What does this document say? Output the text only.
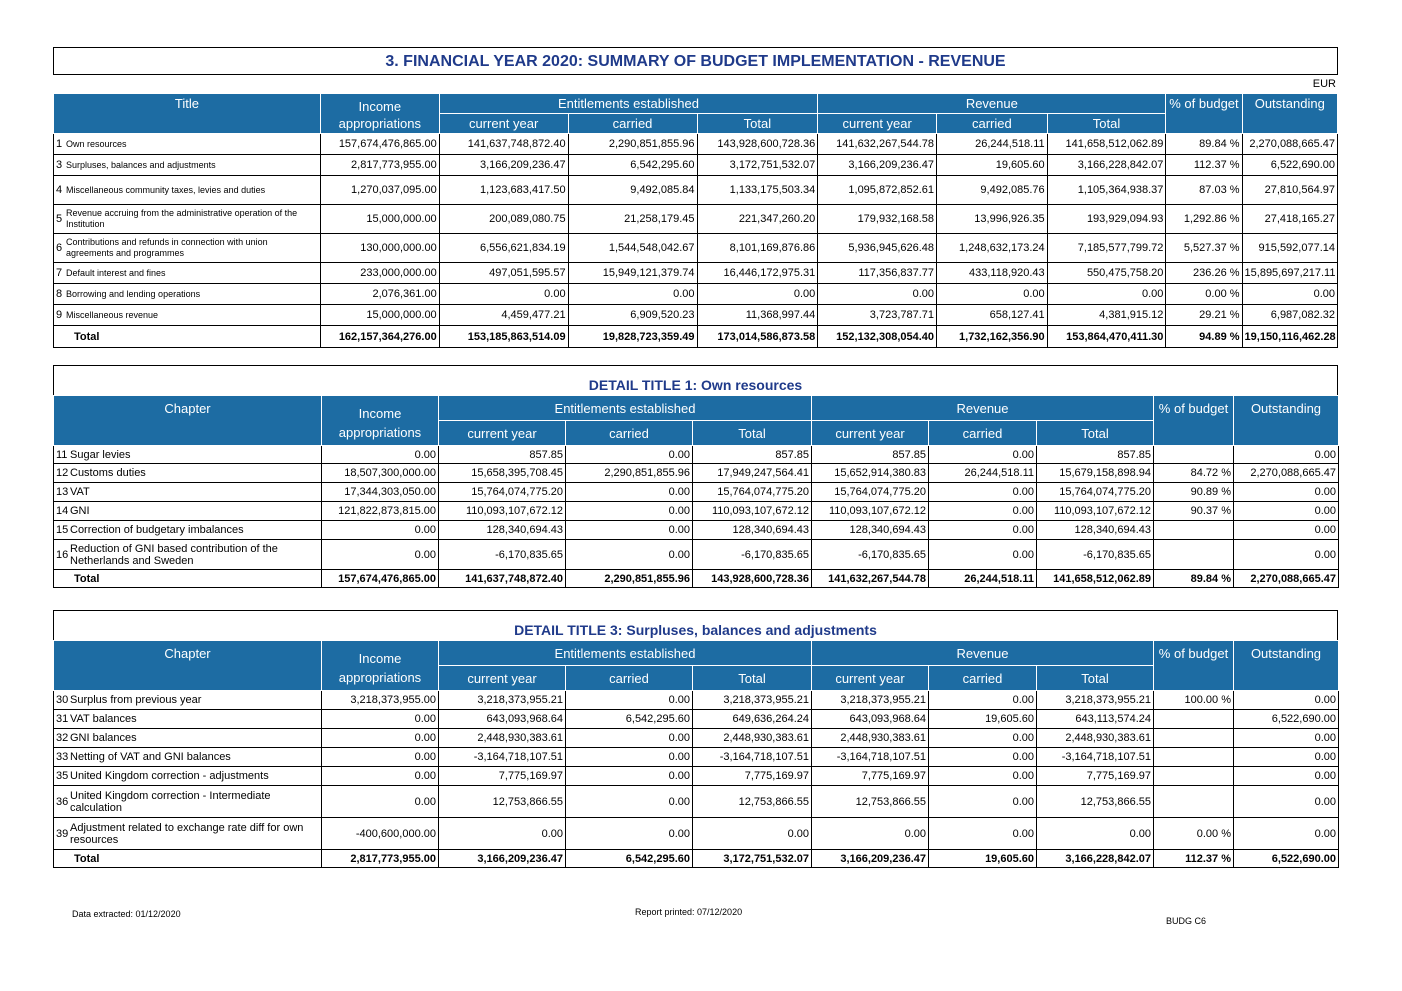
3. FINANCIAL YEAR 2020: SUMMARY OF BUDGET IMPLEMENTATION - REVENUE
EUR
Title	Income	Entitlements established			Revenue			% of budget	Outstanding
	appropriations	current year	carried	Total	current year	carried	Total		
1 Own resources	157,674,476,865.00	141,637,748,872.40	2,290,851,855.96	143,928,600,728.36	141,632,267,544.78	26,244,518.11	141,658,512,062.89	89.84 %	2,270,088,665.47
3 Surpluses, balances and adjustments	2,817,773,955.00	3,166,209,236.47	6,542,295.60	3,172,751,532.07	3,166,209,236.47	19,605.60	3,166,228,842.07	112.37 %	6,522,690.00
4 Miscellaneous community taxes, levies and duties	1,270,037,095.00	1,123,683,417.50	9,492,085.84	1,133,175,503.34	1,095,872,852.61	9,492,085.76	1,105,364,938.37	87.03 %	27,810,564.97
5 Revenue accruing from the administrative operation of the Institution	15,000,000.00	200,089,080.75	21,258,179.45	221,347,260.20	179,932,168.58	13,996,926.35	193,929,094.93	1,292.86 %	27,418,165.27
6 Contributions and refunds in connection with union agreements and programmes	130,000,000.00	6,556,621,834.19	1,544,548,042.67	8,101,169,876.86	5,936,945,626.48	1,248,632,173.24	7,185,577,799.72	5,527.37 %	915,592,077.14
7 Default interest and fines	233,000,000.00	497,051,595.57	15,949,121,379.74	16,446,172,975.31	117,356,837.77	433,118,920.43	550,475,758.20	236.26 %	15,895,697,217.11
8 Borrowing and lending operations	2,076,361.00	0.00	0.00	0.00	0.00	0.00	0.00	0.00 %	0.00
9 Miscellaneous revenue	15,000,000.00	4,459,477.21	6,909,520.23	11,368,997.44	3,723,787.71	658,127.41	4,381,915.12	29.21 %	6,987,082.32
Total	162,157,364,276.00	153,185,863,514.09	19,828,723,359.49	173,014,586,873.58	152,132,308,054.40	1,732,162,356.90	153,864,470,411.30	94.89 %	19,150,116,462.28
DETAIL TITLE 1: Own resources
Chapter	Income	Entitlements established			Revenue			% of budget	Outstanding
	appropriations	current year	carried	Total	current year	carried	Total		
11 Sugar levies	0.00	857.85	0.00	857.85	857.85	0.00	857.85		0.00
12 Customs duties	18,507,300,000.00	15,658,395,708.45	2,290,851,855.96	17,949,247,564.41	15,652,914,380.83	26,244,518.11	15,679,158,898.94	84.72 %	2,270,088,665.47
13 VAT	17,344,303,050.00	15,764,074,775.20	0.00	15,764,074,775.20	15,764,074,775.20	0.00	15,764,074,775.20	90.89 %	0.00
14 GNI	121,822,873,815.00	110,093,107,672.12	0.00	110,093,107,672.12	110,093,107,672.12	0.00	110,093,107,672.12	90.37 %	0.00
15 Correction of budgetary imbalances	0.00	128,340,694.43	0.00	128,340,694.43	128,340,694.43	0.00	128,340,694.43		0.00
16 Reduction of GNI based contribution of the Netherlands and Sweden	0.00	-6,170,835.65	0.00	-6,170,835.65	-6,170,835.65	0.00	-6,170,835.65		0.00
Total	157,674,476,865.00	141,637,748,872.40	2,290,851,855.96	143,928,600,728.36	141,632,267,544.78	26,244,518.11	141,658,512,062.89	89.84 %	2,270,088,665.47
DETAIL TITLE 3: Surpluses, balances and adjustments
Chapter	Income	Entitlements established			Revenue			% of budget	Outstanding
	appropriations	current year	carried	Total	current year	carried	Total		
30 Surplus from previous year	3,218,373,955.00	3,218,373,955.21	0.00	3,218,373,955.21	3,218,373,955.21	0.00	3,218,373,955.21	100.00 %	0.00
31 VAT balances	0.00	643,093,968.64	6,542,295.60	649,636,264.24	643,093,968.64	19,605.60	643,113,574.24		6,522,690.00
32 GNI balances	0.00	2,448,930,383.61	0.00	2,448,930,383.61	2,448,930,383.61	0.00	2,448,930,383.61		0.00
33 Netting of VAT and GNI balances	0.00	-3,164,718,107.51	0.00	-3,164,718,107.51	-3,164,718,107.51	0.00	-3,164,718,107.51		0.00
35 United Kingdom correction - adjustments	0.00	7,775,169.97	0.00	7,775,169.97	7,775,169.97	0.00	7,775,169.97		0.00
36 United Kingdom correction - Intermediate calculation	0.00	12,753,866.55	0.00	12,753,866.55	12,753,866.55	0.00	12,753,866.55		0.00
39 Adjustment related to exchange rate diff for own resources	-400,600,000.00	0.00	0.00	0.00	0.00	0.00	0.00	0.00 %	0.00
Total	2,817,773,955.00	3,166,209,236.47	6,542,295.60	3,172,751,532.07	3,166,209,236.47	19,605.60	3,166,228,842.07	112.37 %	6,522,690.00
Data extracted: 01/12/2020	Report printed: 07/12/2020
BUDG C6
